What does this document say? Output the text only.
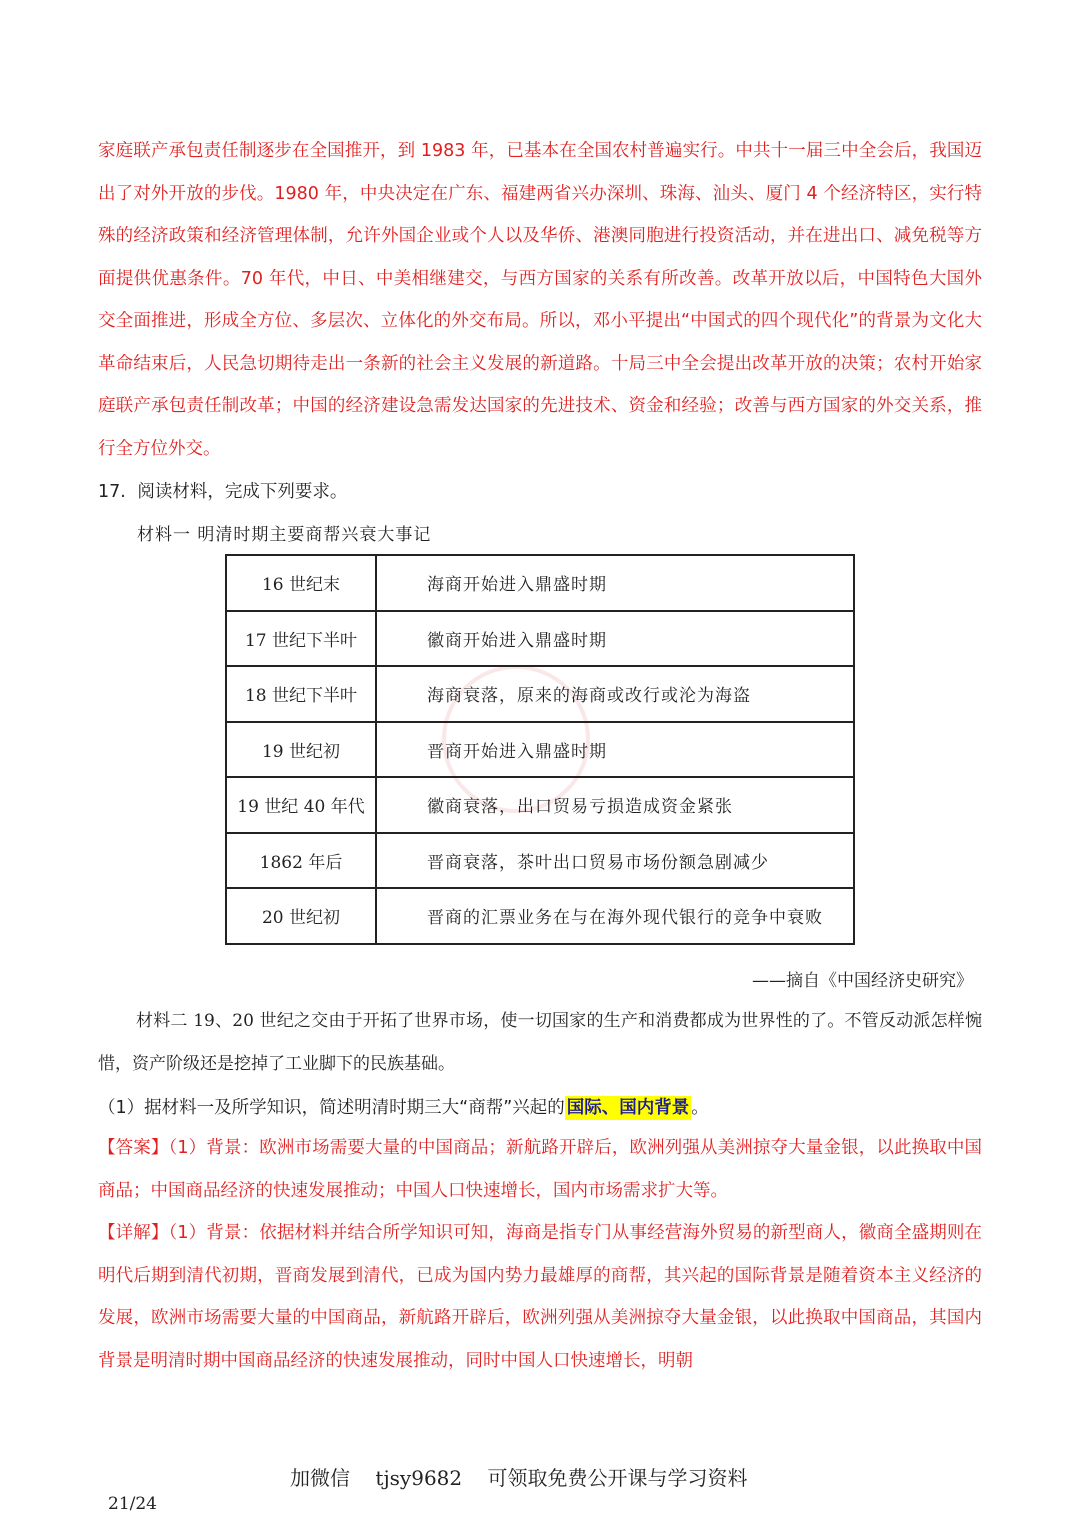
家庭联产承包责任制逐步在全国推开，到 1983 年，已基本在全国农村普遍实行。中共十一届三中全会后，我国迈出了对外开放的步伐。1980 年，中央决定在广东、福建两省兴办深圳、珠海、汕头、厦门 4 个经济特区，实行特殊的经济政策和经济管理体制，允许外国企业或个人以及华侨、港澳同胞进行投资活动，并在进出口、减免税等方面提供优惠条件。70 年代，中日、中美相继建交，与西方国家的关系有所改善。改革开放以后，中国特色大国外交全面推进，形成全方位、多层次、立体化的外交布局。所以，邓小平提出“中国式的四个现代化”的背景为文化大革命结束后，人民急切期待走出一条新的社会主义发展的新道路。十局三中全会提出改革开放的决策；农村开始家庭联产承包责任制改革；中国的经济建设急需发达国家的先进技术、资金和经验；改善与西方国家的外交关系，推行全方位外交。

17. 阅读材料，完成下列要求。
材料一 明清时期主要商帮兴衰大事记
16 世纪末	海商开始进入鼎盛时期
17 世纪下半叶	徽商开始进入鼎盛时期
18 世纪下半叶	海商衰落，原来的海商或改行或沦为海盗
19 世纪初	晋商开始进入鼎盛时期
19 世纪 40 年代	徽商衰落，出口贸易亏损造成资金紧张
1862 年后	晋商衰落，茶叶出口贸易市场份额急剧减少
20 世纪初	晋商的汇票业务在与在海外现代银行的竞争中衰败
——摘自《中国经济史研究》

材料二 19、20 世纪之交由于开拓了世界市场，使一切国家的生产和消费都成为世界性的了。不管反动派怎样惋惜，资产阶级还是挖掉了工业脚下的民族基础。

（1）据材料一及所学知识，简述明清时期三大“商帮”兴起的 国际、国内背景 。

【答案】（1）背景：欧洲市场需要大量的中国商品；新航路开辟后，欧洲列强从美洲掠夺大量金银，以此换取中国商品；中国商品经济的快速发展推动；中国人口快速增长，国内市场需求扩大等。

【详解】（1）背景：依据材料并结合所学知识可知，海商是指专门从事经营海外贸易的新型商人，徽商全盛期则在明代后期到清代初期，晋商发展到清代，已成为国内势力最雄厚的商帮，其兴起的国际背景是随着资本主义经济的发展，欧洲市场需要大量的中国商品，新航路开辟后，欧洲列强从美洲掠夺大量金银，以此换取中国商品，其国内背景是明清时期中国商品经济的快速发展推动，同时中国人口快速增长，明朝

加微信    tjsy9682    可领取免费公开课与学习资料
21/24
